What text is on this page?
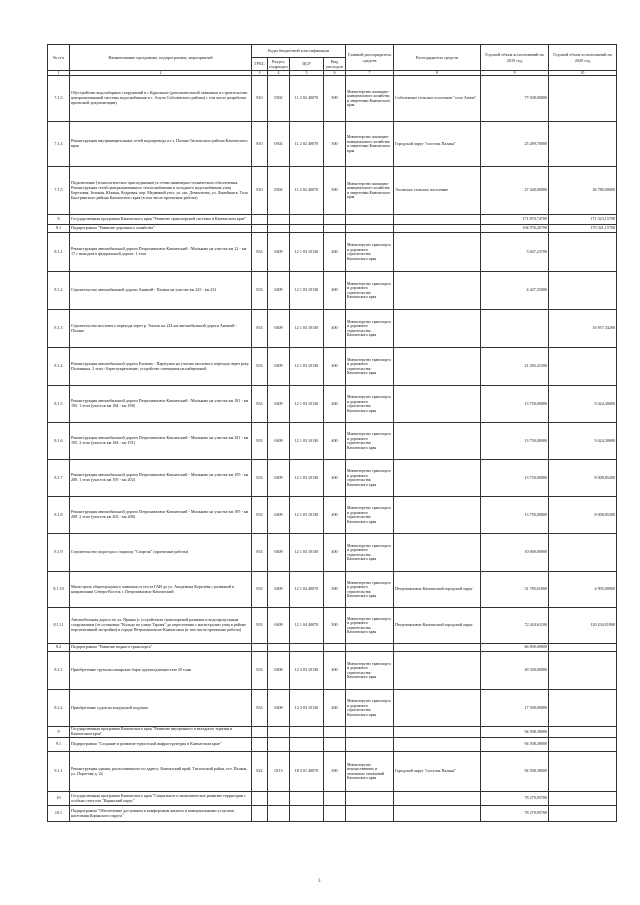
№ п/п	Наименование программы, подпрограммы, мероприятий	Коды бюджетной классификации				Главный распорядитель средств	Распорядитель средств	Годовой объем ассигнований на 2019 год	Годовой объем ассигнований на 2020 год
		ГРБС	Раздел, подраздел	ЦСР	Вид расходов				
1	2	3	4	5	6	7	8	9	10
7.1.3	Обустройство водозаборных сооружений в с.Курильное (дополнительной скважины и строительство централизованной системы водоснабжения в с. Апуча Соболевского района) с том числе разработка проектной документации)	810	0502	11 2 02 40070	500	Министерство жилищно-коммунального хозяйства и энергетики Камчатского края	Соболевское сельское поселение "село Апача"	77 038,00000	
7.1.4	Реконструкция внутриквартальных сетей водопровода п.г.т. Палана Тигильского района Камчатского края	810	0502	11 2 02 40070	500	Министерство жилищно-коммунального хозяйства и энергетики Камчатского края	Городской округ "поселок Палана"	25 289,70000	
7.1.5	Подключение (технологическое присоединение) к сетям инженерно-технического обеспечения. Реконструкция сетей централизованного теплоснабжения и холодного водоснабжения улиц Березовая, Зеленая, Южная, Кедровая, пер. Медвежий угол, ул. им. Дементьева, ул. Линейная в. Тола Быстринского района Камчатского края (в том числе проектные работы)	810	0502	11 2 02 40070	500	Министерство жилищно-коммунального хозяйства и энергетики Камчатского края	Эссовское сельское поселение	27 440,00000	36 780,00000
8	Государственная программа Камчатского края "Развитие транспортной системы в Камчатском крае"							171 870,74700	171 323,15700
8.1	Подпрограмма "Развитие дорожного хозяйства"							104 976,26700	170 321,15700
8.1.1	Реконструкция автомобильной дороги Петропавловск-Камчатский - Мильково на участке км 12 - км 17 с выходом в федеральной дороге, 1 этап	833	0409	12 1 03 10130	400	Министерство транспорта и дорожного строительства Камчатского края		5 047,23700	
8.1.2	Строительство автомобильной дороги Анавгай - Палана на участке км 225 - км 231	833	0409	12 1 03 10130	400	Министерство транспорта и дорожного строительства Камчатского края		4 427,55000	
8.1.3	Строительство мостового перехода через р. Тигиль на 224 км автомобильной дороги Анавгай - Палана	833	0409	12 1 03 10130	400	Министерство транспорта и дорожного строительства Камчатского края			16 957,33200
8.1.4	Реконструкция автомобильной дороги Елизово - Паратунка на участке мостового перехода через реку Половинка. 3 этап - Берегоукрепление, устройство освещения на набережной	833	0409	12 1 03 10130	400	Министерство транспорта и дорожного строительства Камчатского края		21 283,41500	
8.1.5	Реконструкция автомобильной дороги Петропавловск-Камчатский - Мильково на участке км 181 - км 195. 1 этап (участок км 184 - км 188)	833	0409	12 1 03 10130	400	Министерство транспорта и дорожного строительства Камчатского края		13 750,00000	9 424,30000
8.1.6	Реконструкция автомобильной дороги Петропавловск-Камчатский - Мильково на участке км 181 - км 195. 2 этап (участок км 184 - км 191)	833	0409	12 1 03 10130	400	Министерство транспорта и дорожного строительства Камчатского края		13 750,00000	9 424,30000
8.1.7	Реконструкция автомобильной дороги Петропавловск-Камчатский - Мильково на участке км 195 - км 208. 1 этап (участок км 195 - км 202)	833	0409	12 1 03 10130	400	Министерство транспорта и дорожного строительства Камчатского края		13 750,00000	8 008,85200
8.1.8	Реконструкция автомобильной дороги Петропавловск-Камчатский - Мильково на участке км 195 - км 208. 2 этап (участок км 202 - км 208)	833	0409	12 1 03 10130	400	Министерство транспорта и дорожного строительства Камчатского края		13 750,00000	8 008,85300
8.1.9	Строительство подъезда к стадиону "Спартак" (проектные работы)	833	0409	12 1 03 10130	400	Министерство транспорта и дорожного строительства Камчатского края		10 000,00000	
8.1.10	Магистраль общегородского значения от поста ГАИ до ул. Академика Королёва с развязкой в направлении Северо-Восток г. Петропавловск-Камчатский	833	0409	12 1 04 40070	500	Министерство транспорта и дорожного строительства Камчатского края	Петропавловск-Камчатский городской округ	31 785,61000	4 905,00000
8.1.11	Автомобильная дорога по ул. Яранка (с устройством транспортной развязки и водопропускным сооружением (от остановки "Кольцо по улице Тарная" до пересечения с магистралью улиц в районе перспективной застройки) в городе Петропавловске-Камчатском (в том числе проектные работы)	833	0409	12 1 04 40070	500	Министерство транспорта и дорожного строительства Камчатского края	Петропавловск-Камчатский городской округ	72 424,61100	120 234,91900
8.2	Подпрограмма "Развитие водного транспорта"							66 850,00000	
8.2.1	Приобретение грузопассажирских барж грузоподъемностью 20 тонн	833	0408	12 3 03 10130	400	Министерство транспорта и дорожного строительства Камчатского края		49 350,00000	
8.2.2	Приобретение судов на воздушной подушке	833	0408	12 3 03 10130	400	Министерство транспорта и дорожного строительства Камчатского края		17 500,00000	
9	Государственная программа Камчатского края "Развитие внутреннего и въездного туризма в Камчатском крае"							94 508,38000	
9.1	Подпрограмма "Создание и развитие туристской инфраструктуры в Камчатском крае"							94 508,38000	
9.1.1	Реконструкция здания, расположенного по адресу: Камчатский край, Тигильский район, пгт. Палана, ул. Поротова д. 24	822	0113	18 3 01 40070	500	Министерство имущественных и земельных отношений Камчатского края	Городской округ "поселок Палана"	94 508,38000	
10	Государственная программа Камчатского края "Социальное и экономическое развитие территории с особым статусом "Корякский округ"							78 279,95700	
10.1	Подпрограмма "Обеспечение доступным и комфортным жильем и коммунальными услугами населения Корякского округа"							78 279,95700	
3
